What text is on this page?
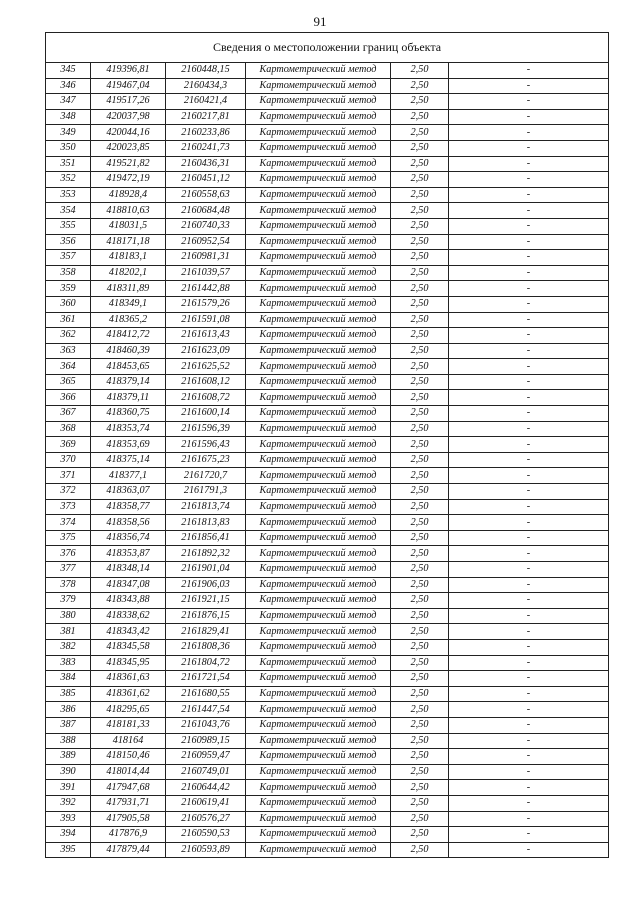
91
Сведения о местоположении границ объекта					
345	419396,81	2160448,15	Картометрический метод	2,50	-
346	419467,04	2160434,3	Картометрический метод	2,50	-
347	419517,26	2160421,4	Картометрический метод	2,50	-
348	420037,98	2160217,81	Картометрический метод	2,50	-
349	420044,16	2160233,86	Картометрический метод	2,50	-
350	420023,85	2160241,73	Картометрический метод	2,50	-
351	419521,82	2160436,31	Картометрический метод	2,50	-
352	419472,19	2160451,12	Картометрический метод	2,50	-
353	418928,4	2160558,63	Картометрический метод	2,50	-
354	418810,63	2160684,48	Картометрический метод	2,50	-
355	418031,5	2160740,33	Картометрический метод	2,50	-
356	418171,18	2160952,54	Картометрический метод	2,50	-
357	418183,1	2160981,31	Картометрический метод	2,50	-
358	418202,1	2161039,57	Картометрический метод	2,50	-
359	418311,89	2161442,88	Картометрический метод	2,50	-
360	418349,1	2161579,26	Картометрический метод	2,50	-
361	418365,2	2161591,08	Картометрический метод	2,50	-
362	418412,72	2161613,43	Картометрический метод	2,50	-
363	418460,39	2161623,09	Картометрический метод	2,50	-
364	418453,65	2161625,52	Картометрический метод	2,50	-
365	418379,14	2161608,12	Картометрический метод	2,50	-
366	418379,11	2161608,72	Картометрический метод	2,50	-
367	418360,75	2161600,14	Картометрический метод	2,50	-
368	418353,74	2161596,39	Картометрический метод	2,50	-
369	418353,69	2161596,43	Картометрический метод	2,50	-
370	418375,14	2161675,23	Картометрический метод	2,50	-
371	418377,1	2161720,7	Картометрический метод	2,50	-
372	418363,07	2161791,3	Картометрический метод	2,50	-
373	418358,77	2161813,74	Картометрический метод	2,50	-
374	418358,56	2161813,83	Картометрический метод	2,50	-
375	418356,74	2161856,41	Картометрический метод	2,50	-
376	418353,87	2161892,32	Картометрический метод	2,50	-
377	418348,14	2161901,04	Картометрический метод	2,50	-
378	418347,08	2161906,03	Картометрический метод	2,50	-
379	418343,88	2161921,15	Картометрический метод	2,50	-
380	418338,62	2161876,15	Картометрический метод	2,50	-
381	418343,42	2161829,41	Картометрический метод	2,50	-
382	418345,58	2161808,36	Картометрический метод	2,50	-
383	418345,95	2161804,72	Картометрический метод	2,50	-
384	418361,63	2161721,54	Картометрический метод	2,50	-
385	418361,62	2161680,55	Картометрический метод	2,50	-
386	418295,65	2161447,54	Картометрический метод	2,50	-
387	418181,33	2161043,76	Картометрический метод	2,50	-
388	418164	2160989,15	Картометрический метод	2,50	-
389	418150,46	2160959,47	Картометрический метод	2,50	-
390	418014,44	2160749,01	Картометрический метод	2,50	-
391	417947,68	2160644,42	Картометрический метод	2,50	-
392	417931,71	2160619,41	Картометрический метод	2,50	-
393	417905,58	2160576,27	Картометрический метод	2,50	-
394	417876,9	2160590,53	Картометрический метод	2,50	-
395	417879,44	2160593,89	Картометрический метод	2,50	-
